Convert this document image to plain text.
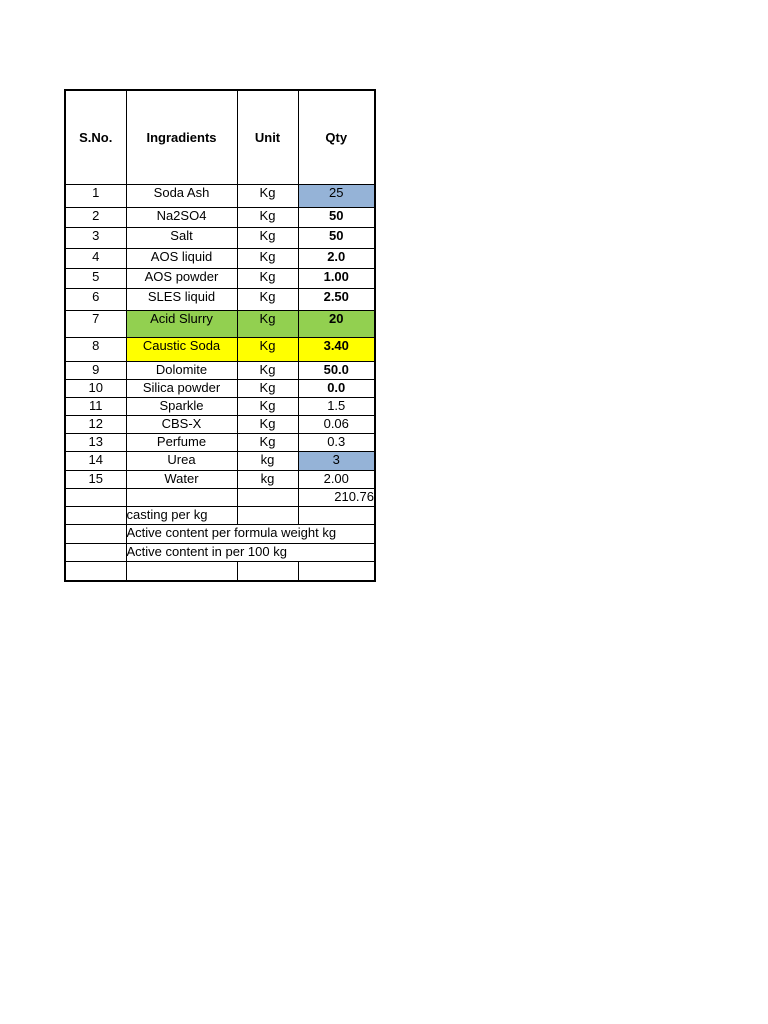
S.No.	Ingradients	Unit	Qty
1	Soda Ash	Kg	25
2	Na2SO4	Kg	50
3	Salt	Kg	50
4	AOS liquid	Kg	2.0
5	AOS powder	Kg	1.00
6	SLES liquid	Kg	2.50
7	Acid Slurry	Kg	20
8	Caustic Soda	Kg	3.40
9	Dolomite	Kg	50.0
10	Silica powder	Kg	0.0
11	Sparkle	Kg	1.5
12	CBS-X	Kg	0.06
13	Perfume	Kg	0.3
14	Urea	kg	3
15	Water	kg	2.00
			210.76
	casting per kg		
	Active content per formula weight kg		
	Active content in per 100 kg		
